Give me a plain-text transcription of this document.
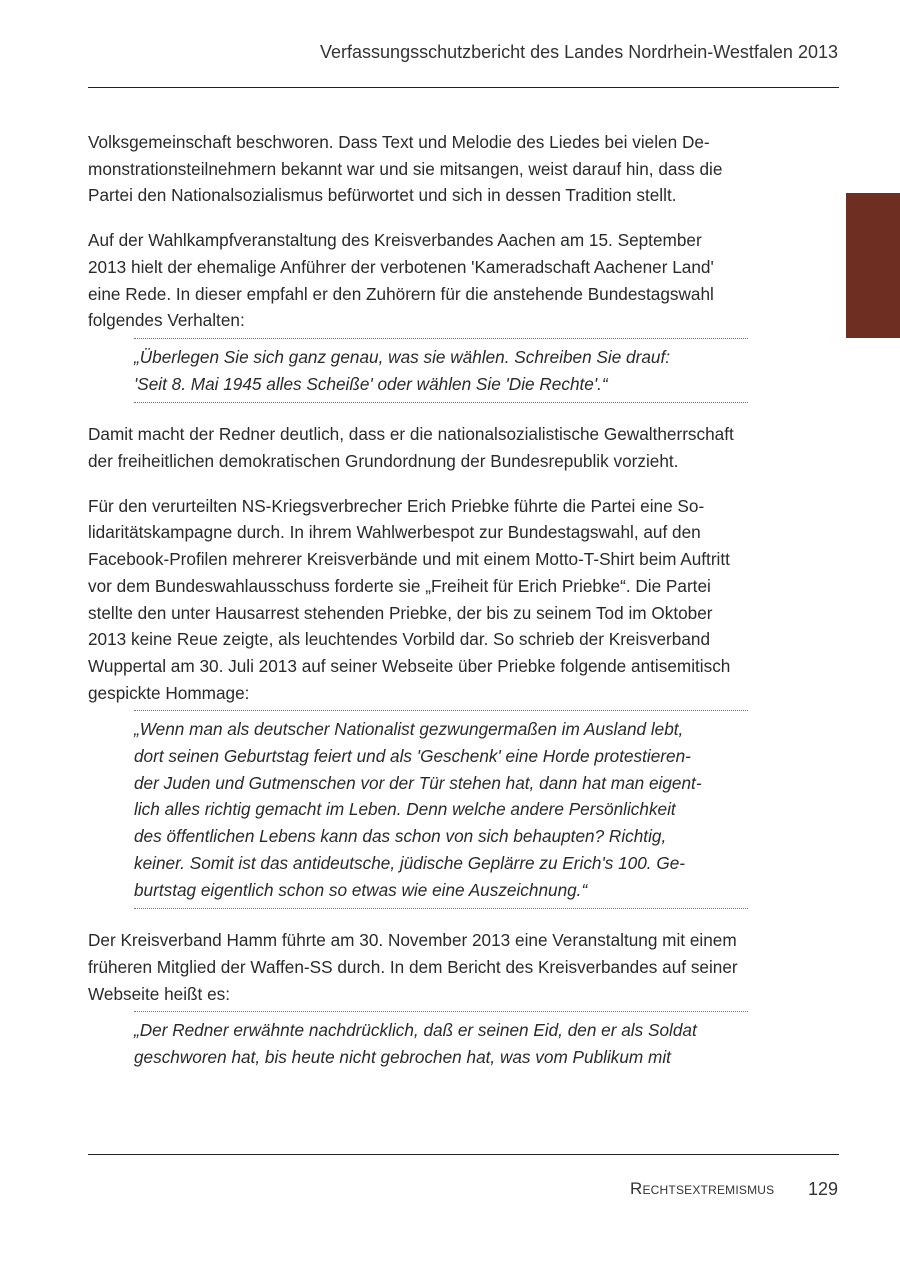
Verfassungsschutzbericht des Landes Nordrhein-Westfalen 2013

Volksgemeinschaft beschworen. Dass Text und Melodie des Liedes bei vielen De-
monstrationsteilnehmern bekannt war und sie mitsangen, weist darauf hin, dass die
Partei den Nationalsozialismus befürwortet und sich in dessen Tradition stellt.

Auf der Wahlkampfveranstaltung des Kreisverbandes Aachen am 15. September
2013 hielt der ehemalige Anführer der verbotenen 'Kameradschaft Aachener Land'
eine Rede. In dieser empfahl er den Zuhörern für die anstehende Bundestagswahl
folgendes Verhalten:

„Überlegen Sie sich ganz genau, was sie wählen. Schreiben Sie drauf:
'Seit 8. Mai 1945 alles Scheiße' oder wählen Sie 'Die Rechte'.“

Damit macht der Redner deutlich, dass er die nationalsozialistische Gewaltherrschaft
der freiheitlichen demokratischen Grundordnung der Bundesrepublik vorzieht.

Für den verurteilten NS-Kriegsverbrecher Erich Priebke führte die Partei eine So-
lidaritätskampagne durch. In ihrem Wahlwerbespot zur Bundestagswahl, auf den
Facebook-Profilen mehrerer Kreisverbände und mit einem Motto-T-Shirt beim Auftritt
vor dem Bundeswahlausschuss forderte sie „Freiheit für Erich Priebke“. Die Partei
stellte den unter Hausarrest stehenden Priebke, der bis zu seinem Tod im Oktober
2013 keine Reue zeigte, als leuchtendes Vorbild dar. So schrieb der Kreisverband
Wuppertal am 30. Juli 2013 auf seiner Webseite über Priebke folgende antisemitisch
gespickte Hommage:

„Wenn man als deutscher Nationalist gezwungermaßen im Ausland lebt,
dort seinen Geburtstag feiert und als 'Geschenk' eine Horde protestieren-
der Juden und Gutmenschen vor der Tür stehen hat, dann hat man eigent-
lich alles richtig gemacht im Leben. Denn welche andere Persönlichkeit
des öffentlichen Lebens kann das schon von sich behaupten? Richtig,
keiner. Somit ist das antideutsche, jüdische Geplärre zu Erich's 100. Ge-
burtstag eigentlich schon so etwas wie eine Auszeichnung.“

Der Kreisverband Hamm führte am 30. November 2013 eine Veranstaltung mit einem
früheren Mitglied der Waffen-SS durch. In dem Bericht des Kreisverbandes auf seiner
Webseite heißt es:

„Der Redner erwähnte nachdrücklich, daß er seinen Eid, den er als Soldat
geschworen hat, bis heute nicht gebrochen hat, was vom Publikum mit
Rechtsextremismus 129
